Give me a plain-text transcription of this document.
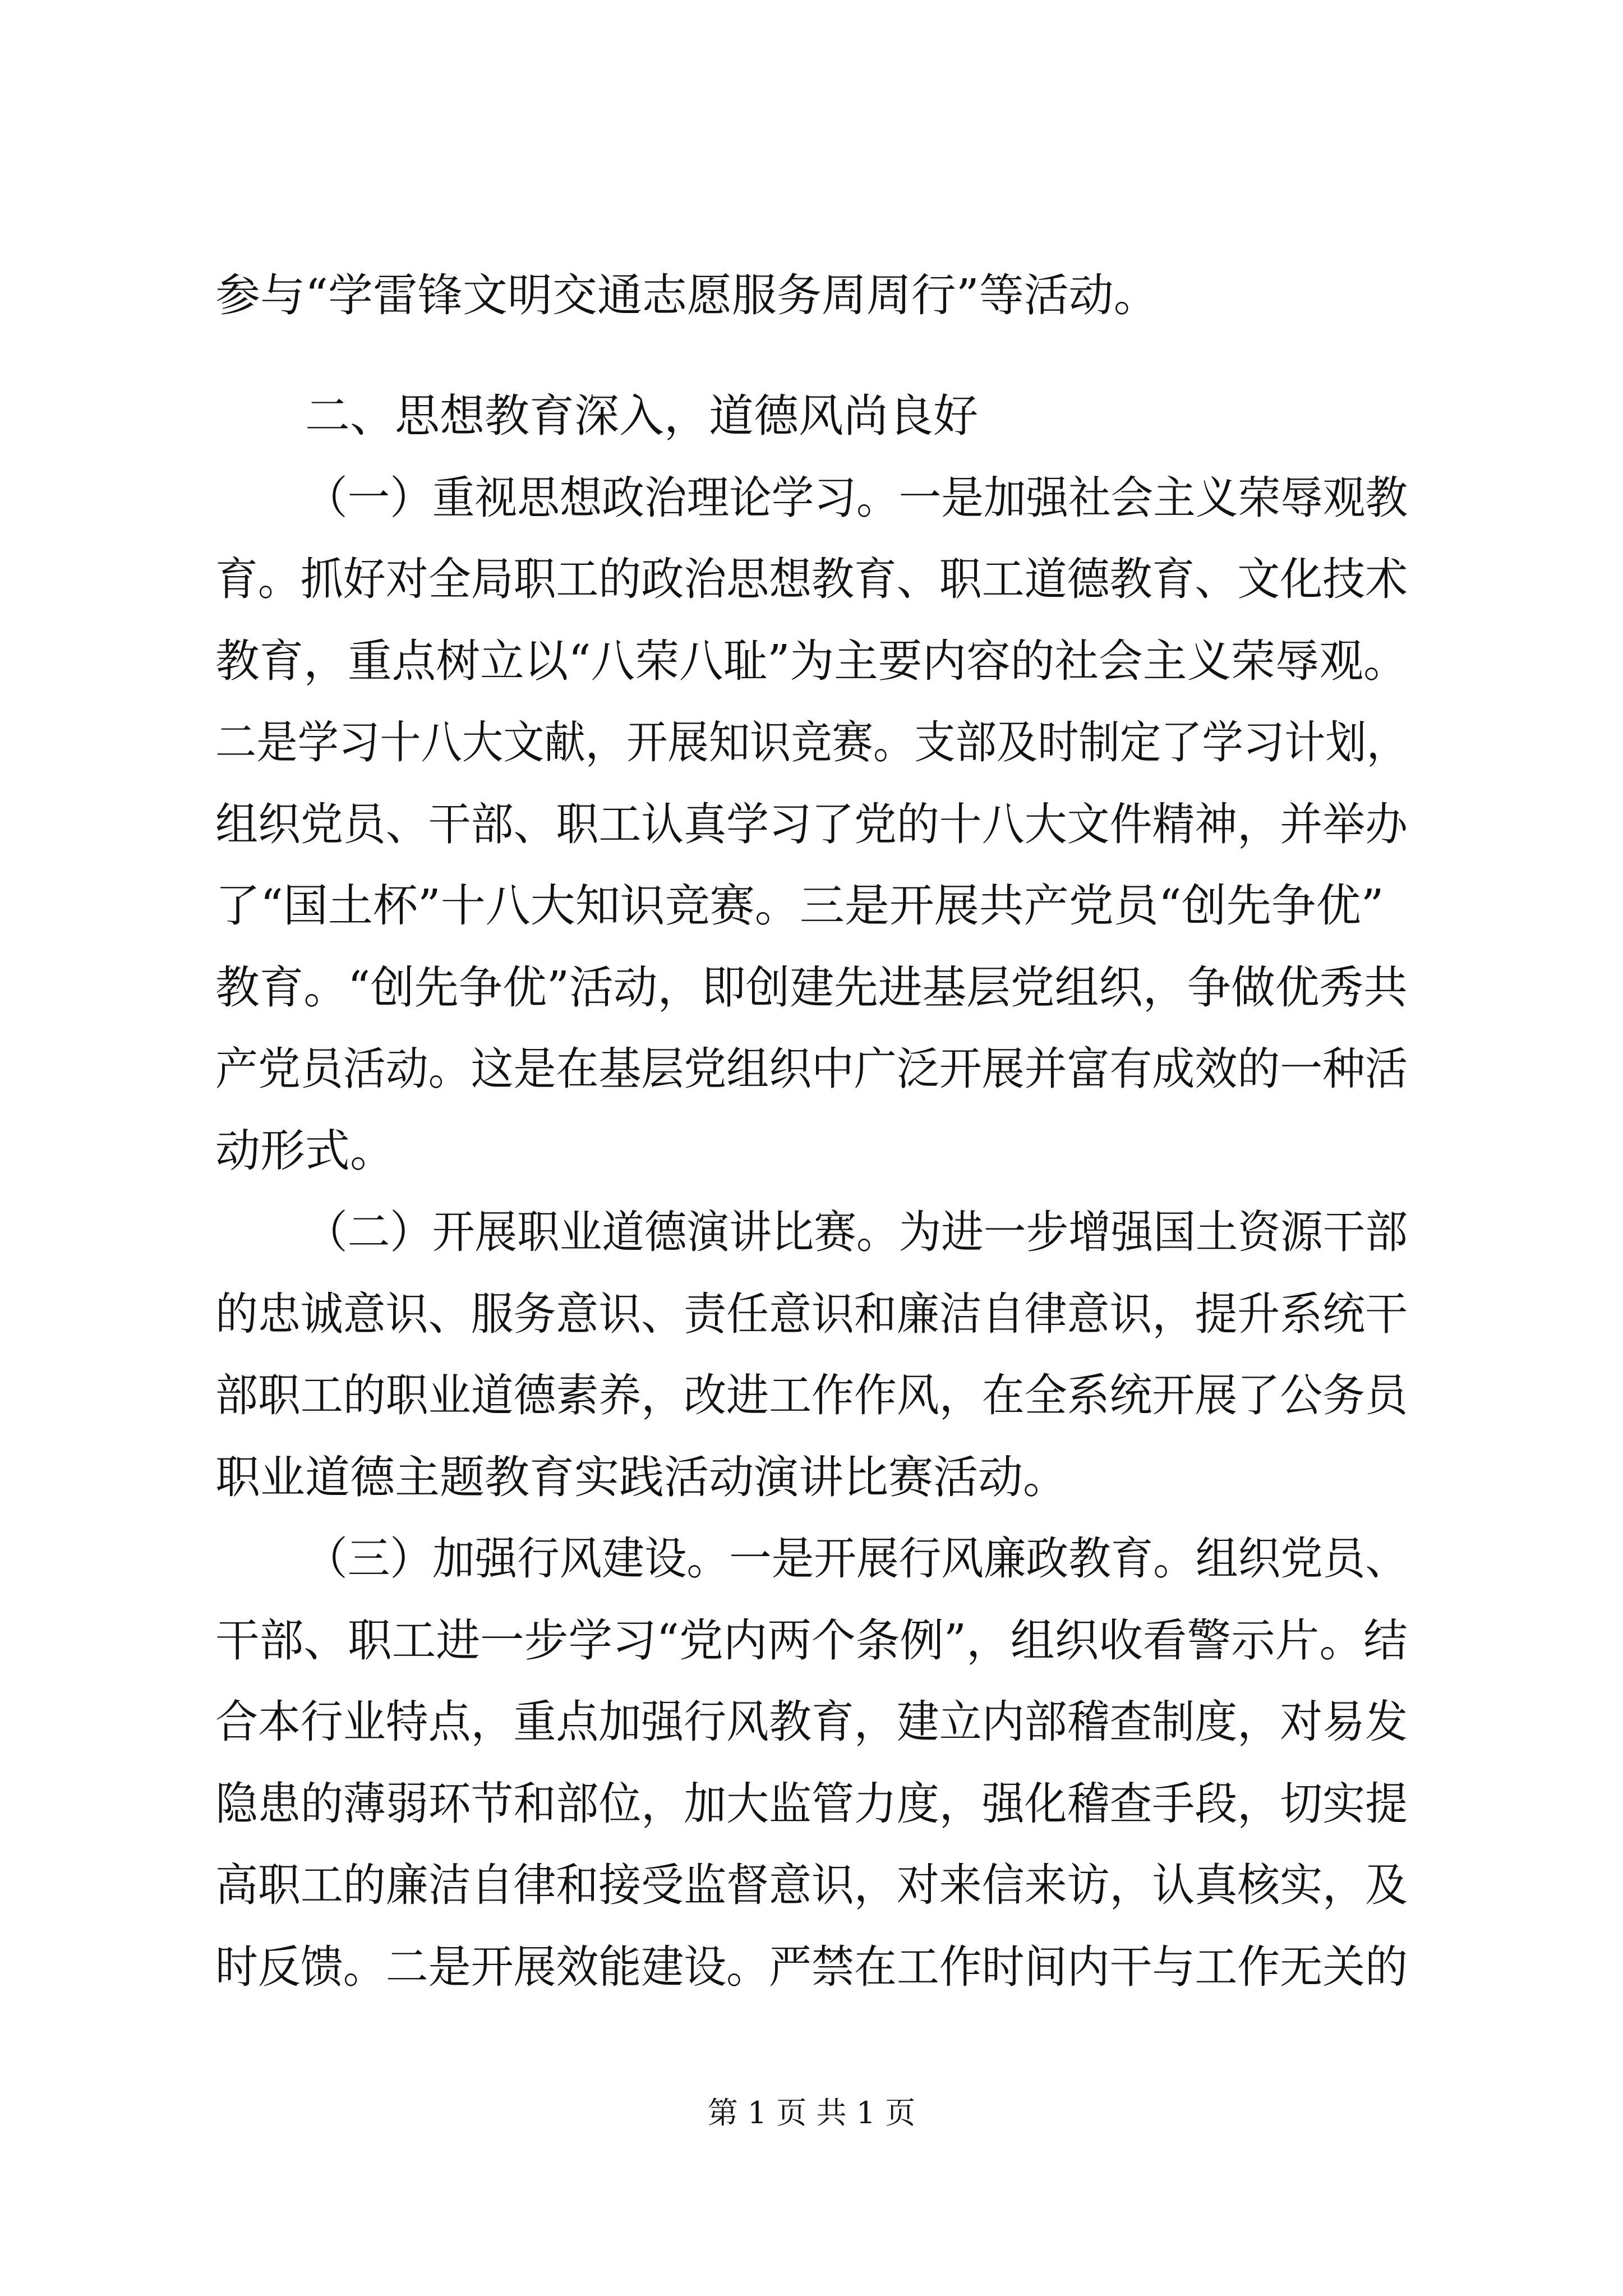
参与“学雷锋文明交通志愿服务周周行”等活动。
二、思想教育深入，道德风尚良好
（一）重视思想政治理论学习。一是加强社会主义荣辱观教
育。抓好对全局职工的政治思想教育、职工道德教育、文化技术
教育，重点树立以“八荣八耻”为主要内容的社会主义荣辱观。
二是学习十八大文献，开展知识竞赛。支部及时制定了学习计划，
组织党员、干部、职工认真学习了党的十八大文件精神，并举办
了“国土杯”十八大知识竞赛。三是开展共产党员“创先争优”
教育。“创先争优”活动，即创建先进基层党组织，争做优秀共
产党员活动。这是在基层党组织中广泛开展并富有成效的一种活
动形式。
（二）开展职业道德演讲比赛。为进一步增强国土资源干部
的忠诚意识、服务意识、责任意识和廉洁自律意识，提升系统干
部职工的职业道德素养，改进工作作风，在全系统开展了公务员
职业道德主题教育实践活动演讲比赛活动。
（三）加强行风建设。一是开展行风廉政教育。组织党员、
干部、职工进一步学习“党内两个条例”，组织收看警示片。结
合本行业特点，重点加强行风教育，建立内部稽查制度，对易发
隐患的薄弱环节和部位，加大监管力度，强化稽查手段，切实提
高职工的廉洁自律和接受监督意识，对来信来访，认真核实，及
时反馈。二是开展效能建设。严禁在工作时间内干与工作无关的
第 1 页 共 1 页
